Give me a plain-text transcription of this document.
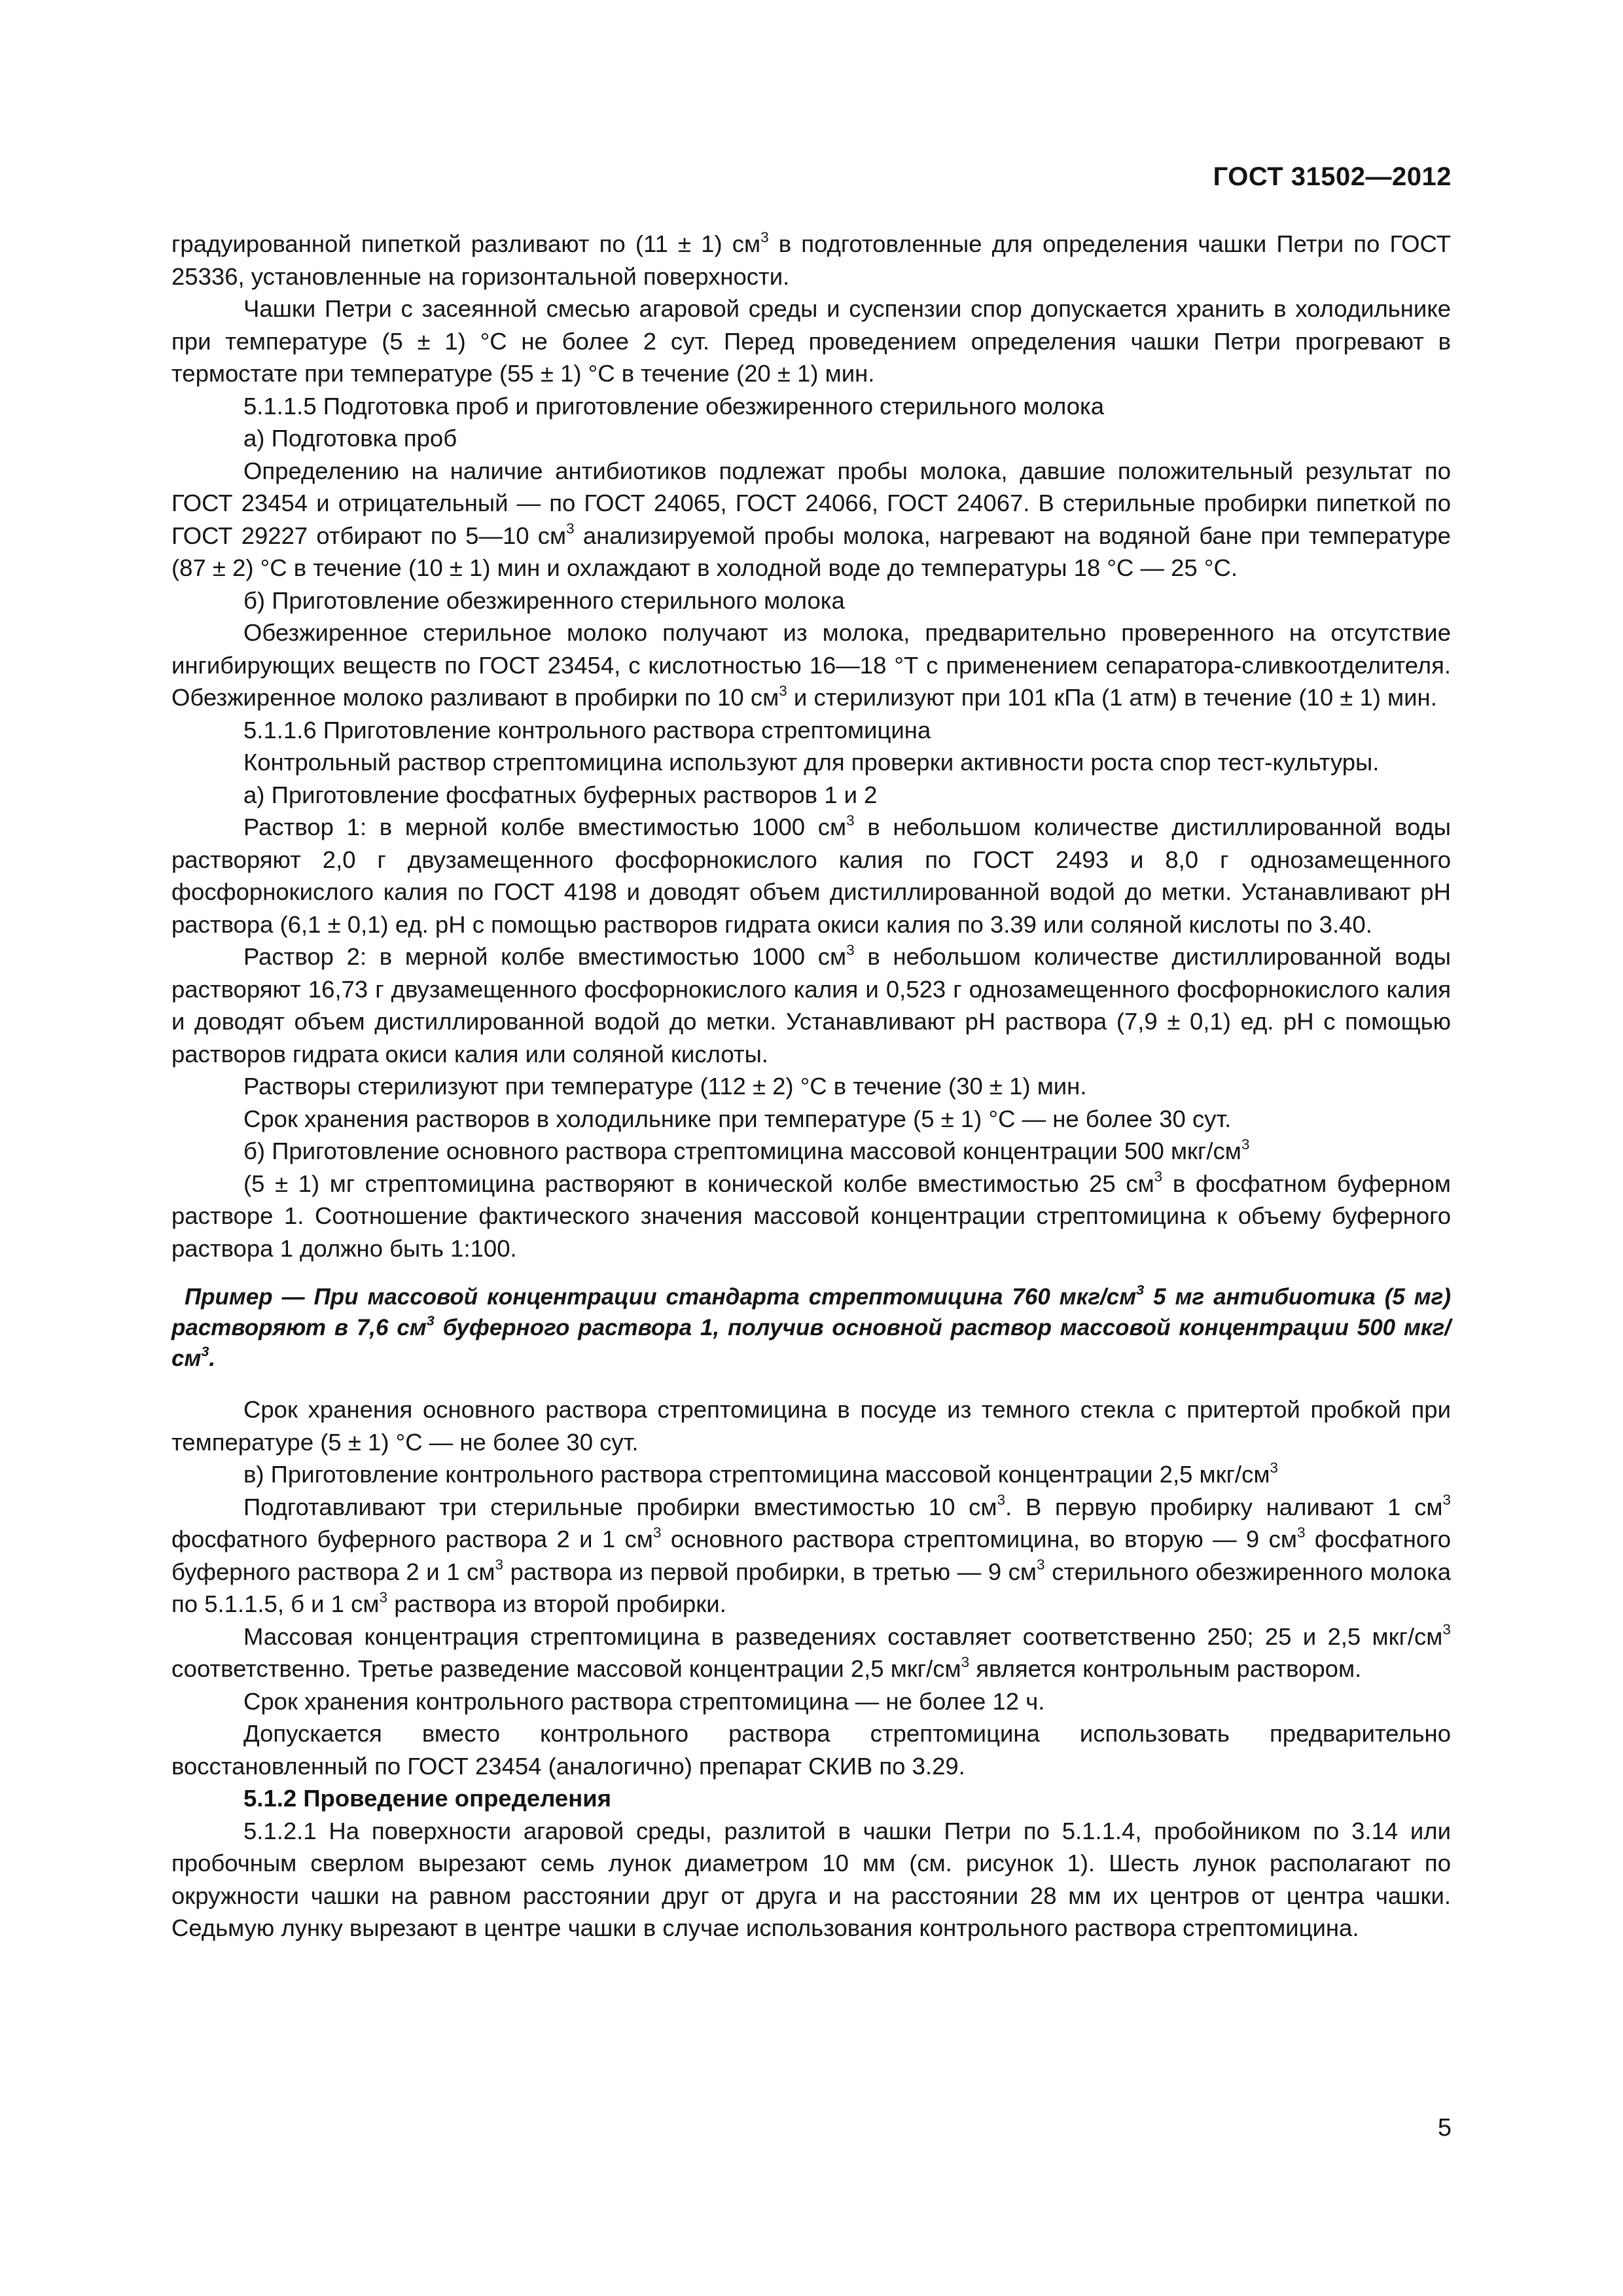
ГОСТ 31502—2012

градуированной пипеткой разливают по (11 ± 1) $см^3$ в подготовленные для определения чашки Петри по ГОСТ 25336, установленные на горизонтальной поверхности.

Чашки Петри с засеянной смесью агаровой среды и суспензии спор допускается хранить в холодильнике при температуре (5 ± 1) °С не более 2 сут. Перед проведением определения чашки Петри прогревают в термостате при температуре (55 ± 1) °С в течение (20 ± 1) мин.

5.1.1.5 Подготовка проб и приготовление обезжиренного стерильного молока

а) Подготовка проб

Определению на наличие антибиотиков подлежат пробы молока, давшие положительный результат по ГОСТ 23454 и отрицательный — по ГОСТ 24065, ГОСТ 24066, ГОСТ 24067. В стерильные пробирки пипеткой по ГОСТ 29227 отбирают по 5—10 $см^3$ анализируемой пробы молока, нагревают на водяной бане при температуре (87 ± 2) °С в течение (10 ± 1) мин и охлаждают в холодной воде до температуры 18 °С — 25 °С.

б) Приготовление обезжиренного стерильного молока

Обезжиренное стерильное молоко получают из молока, предварительно проверенного на отсутствие ингибирующих веществ по ГОСТ 23454, с кислотностью 16—18 °Т с применением сепаратора-сливкоотделителя. Обезжиренное молоко разливают в пробирки по 10 $см^3$ и стерилизуют при 101 кПа (1 атм) в течение (10 ± 1) мин.

5.1.1.6 Приготовление контрольного раствора стрептомицина

Контрольный раствор стрептомицина используют для проверки активности роста спор тест-культуры.

а) Приготовление фосфатных буферных растворов 1 и 2

Раствор 1: в мерной колбе вместимостью 1000 $см^3$ в небольшом количестве дистиллированной воды растворяют 2,0 г двузамещенного фосфорнокислого калия по ГОСТ 2493 и 8,0 г однозамещенного фосфорнокислого калия по ГОСТ 4198 и доводят объем дистиллированной водой до метки. Устанавливают pH раствора (6,1 ± 0,1) ед. pH с помощью растворов гидрата окиси калия по 3.39 или соляной кислоты по 3.40.

Раствор 2: в мерной колбе вместимостью 1000 $см^3$ в небольшом количестве дистиллированной воды растворяют 16,73 г двузамещенного фосфорнокислого калия и 0,523 г однозамещенного фосфорнокислого калия и доводят объем дистиллированной водой до метки. Устанавливают pH раствора (7,9 ± 0,1) ед. pH с помощью растворов гидрата окиси калия или соляной кислоты.

Растворы стерилизуют при температуре (112 ± 2) °С в течение (30 ± 1) мин.

Срок хранения растворов в холодильнике при температуре (5 ± 1) °С — не более 30 сут.

б) Приготовление основного раствора стрептомицина массовой концентрации 500 мкг/$см^3$

(5 ± 1) мг стрептомицина растворяют в конической колбе вместимостью 25 $см^3$ в фосфатном буферном растворе 1. Соотношение фактического значения массовой концентрации стрептомицина к объему буферного раствора 1 должно быть 1:100.

Пример — При массовой концентрации стандарта стрептомицина 760 мкг/$см^3$ 5 мг антибиотика (5 мг) растворяют в 7,6 $см^3$ буферного раствора 1, получив основной раствор массовой концентрации 500 мкг/$см^3$.

Срок хранения основного раствора стрептомицина в посуде из темного стекла с притертой пробкой при температуре (5 ± 1) °С — не более 30 сут.

в) Приготовление контрольного раствора стрептомицина массовой концентрации 2,5 мкг/$см^3$

Подготавливают три стерильные пробирки вместимостью 10 $см^3$. В первую пробирку наливают 1 $см^3$ фосфатного буферного раствора 2 и 1 $см^3$ основного раствора стрептомицина, во вторую — 9 $см^3$ фосфатного буферного раствора 2 и 1 $см^3$ раствора из первой пробирки, в третью — 9 $см^3$ стерильного обезжиренного молока по 5.1.1.5, б и 1 $см^3$ раствора из второй пробирки.

Массовая концентрация стрептомицина в разведениях составляет соответственно 250; 25 и 2,5 мкг/$см^3$ соответственно. Третье разведение массовой концентрации 2,5 мкг/$см^3$ является контрольным раствором.

Срок хранения контрольного раствора стрептомицина — не более 12 ч.

Допускается вместо контрольного раствора стрептомицина использовать предварительно восстановленный по ГОСТ 23454 (аналогично) препарат СКИВ по 3.29.

5.1.2 Проведение определения

5.1.2.1 На поверхности агаровой среды, разлитой в чашки Петри по 5.1.1.4, пробойником по 3.14 или пробочным сверлом вырезают семь лунок диаметром 10 мм (см. рисунок 1). Шесть лунок располагают по окружности чашки на равном расстоянии друг от друга и на расстоянии 28 мм их центров от центра чашки. Седьмую лунку вырезают в центре чашки в случае использования контрольного раствора стрептомицина.

5
